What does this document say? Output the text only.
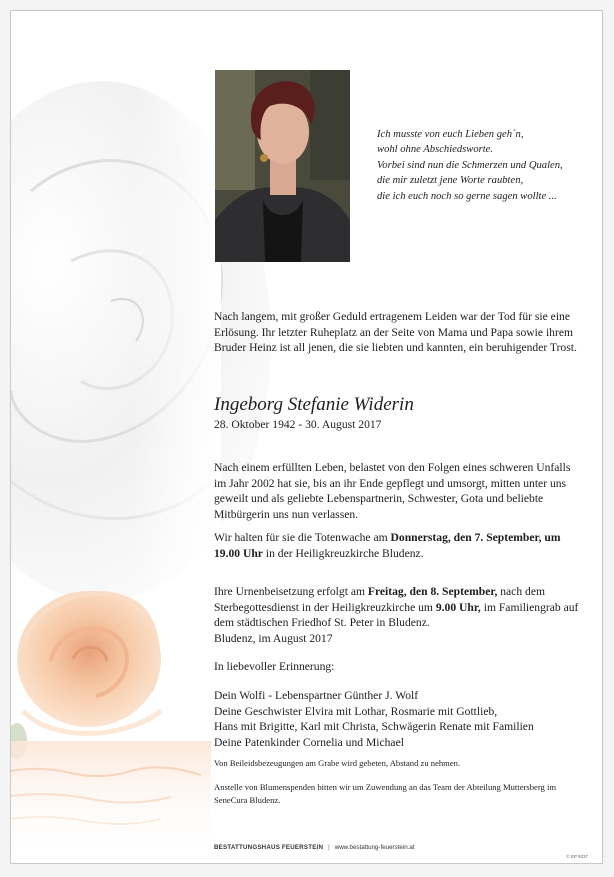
Ich musste von euch Lieben geh´n,
wohl ohne Abschiedsworte.
Vorbei sind nun die Schmerzen und Qualen,
die mir zuletzt jene Worte raubten,
die ich euch noch so gerne sagen wollte ...
Nach langem, mit großer Geduld ertragenem Leiden war der Tod für sie eine Erlösung. Ihr letzter Ruheplatz an der Seite von Mama und Papa sowie ihrem Bruder Heinz ist all jenen, die sie liebten und kannten, ein beruhigender Trost.
Ingeborg Stefanie Widerin
28. Oktober 1942 - 30. August 2017
Nach einem erfüllten Leben, belastet von den Folgen eines schweren Unfalls im Jahr 2002 hat sie, bis an ihr Ende gepflegt und umsorgt, mitten unter uns geweilt und als geliebte Lebenspartnerin, Schwester, Gota und beliebte Mitbürgerin uns nun verlassen.
Wir halten für sie die Totenwache am Donnerstag, den 7. September, um 19.00 Uhr in der Heiligkreuzkirche Bludenz.
Ihre Urnenbeisetzung erfolgt am Freitag, den 8. September, nach dem Sterbegottesdienst in der Heiligkreuzkirche um 9.00 Uhr, im Familiengrab auf dem städtischen Friedhof St. Peter in Bludenz.
Bludenz, im August 2017
In liebevoller Erinnerung:
Dein Wolfi - Lebenspartner Günther J. Wolf
Deine Geschwister Elvira mit Lothar, Rosmarie mit Gottlieb,
Hans mit Brigitte, Karl mit Christa, Schwägerin Renate mit Familien
Deine Patenkinder Cornelia und Michael
Von Beileidsbezeugungen am Grabe wird gebeten, Abstand zu nehmen.
Anstelle von Blumenspenden bitten wir um Zuwendung an das Team der Abteilung Muttersberg im SeneCura Bludenz.
BESTATTUNGSHAUS FEUERSTEIN | www.bestattung-feuerstein.at
© EP 9237
